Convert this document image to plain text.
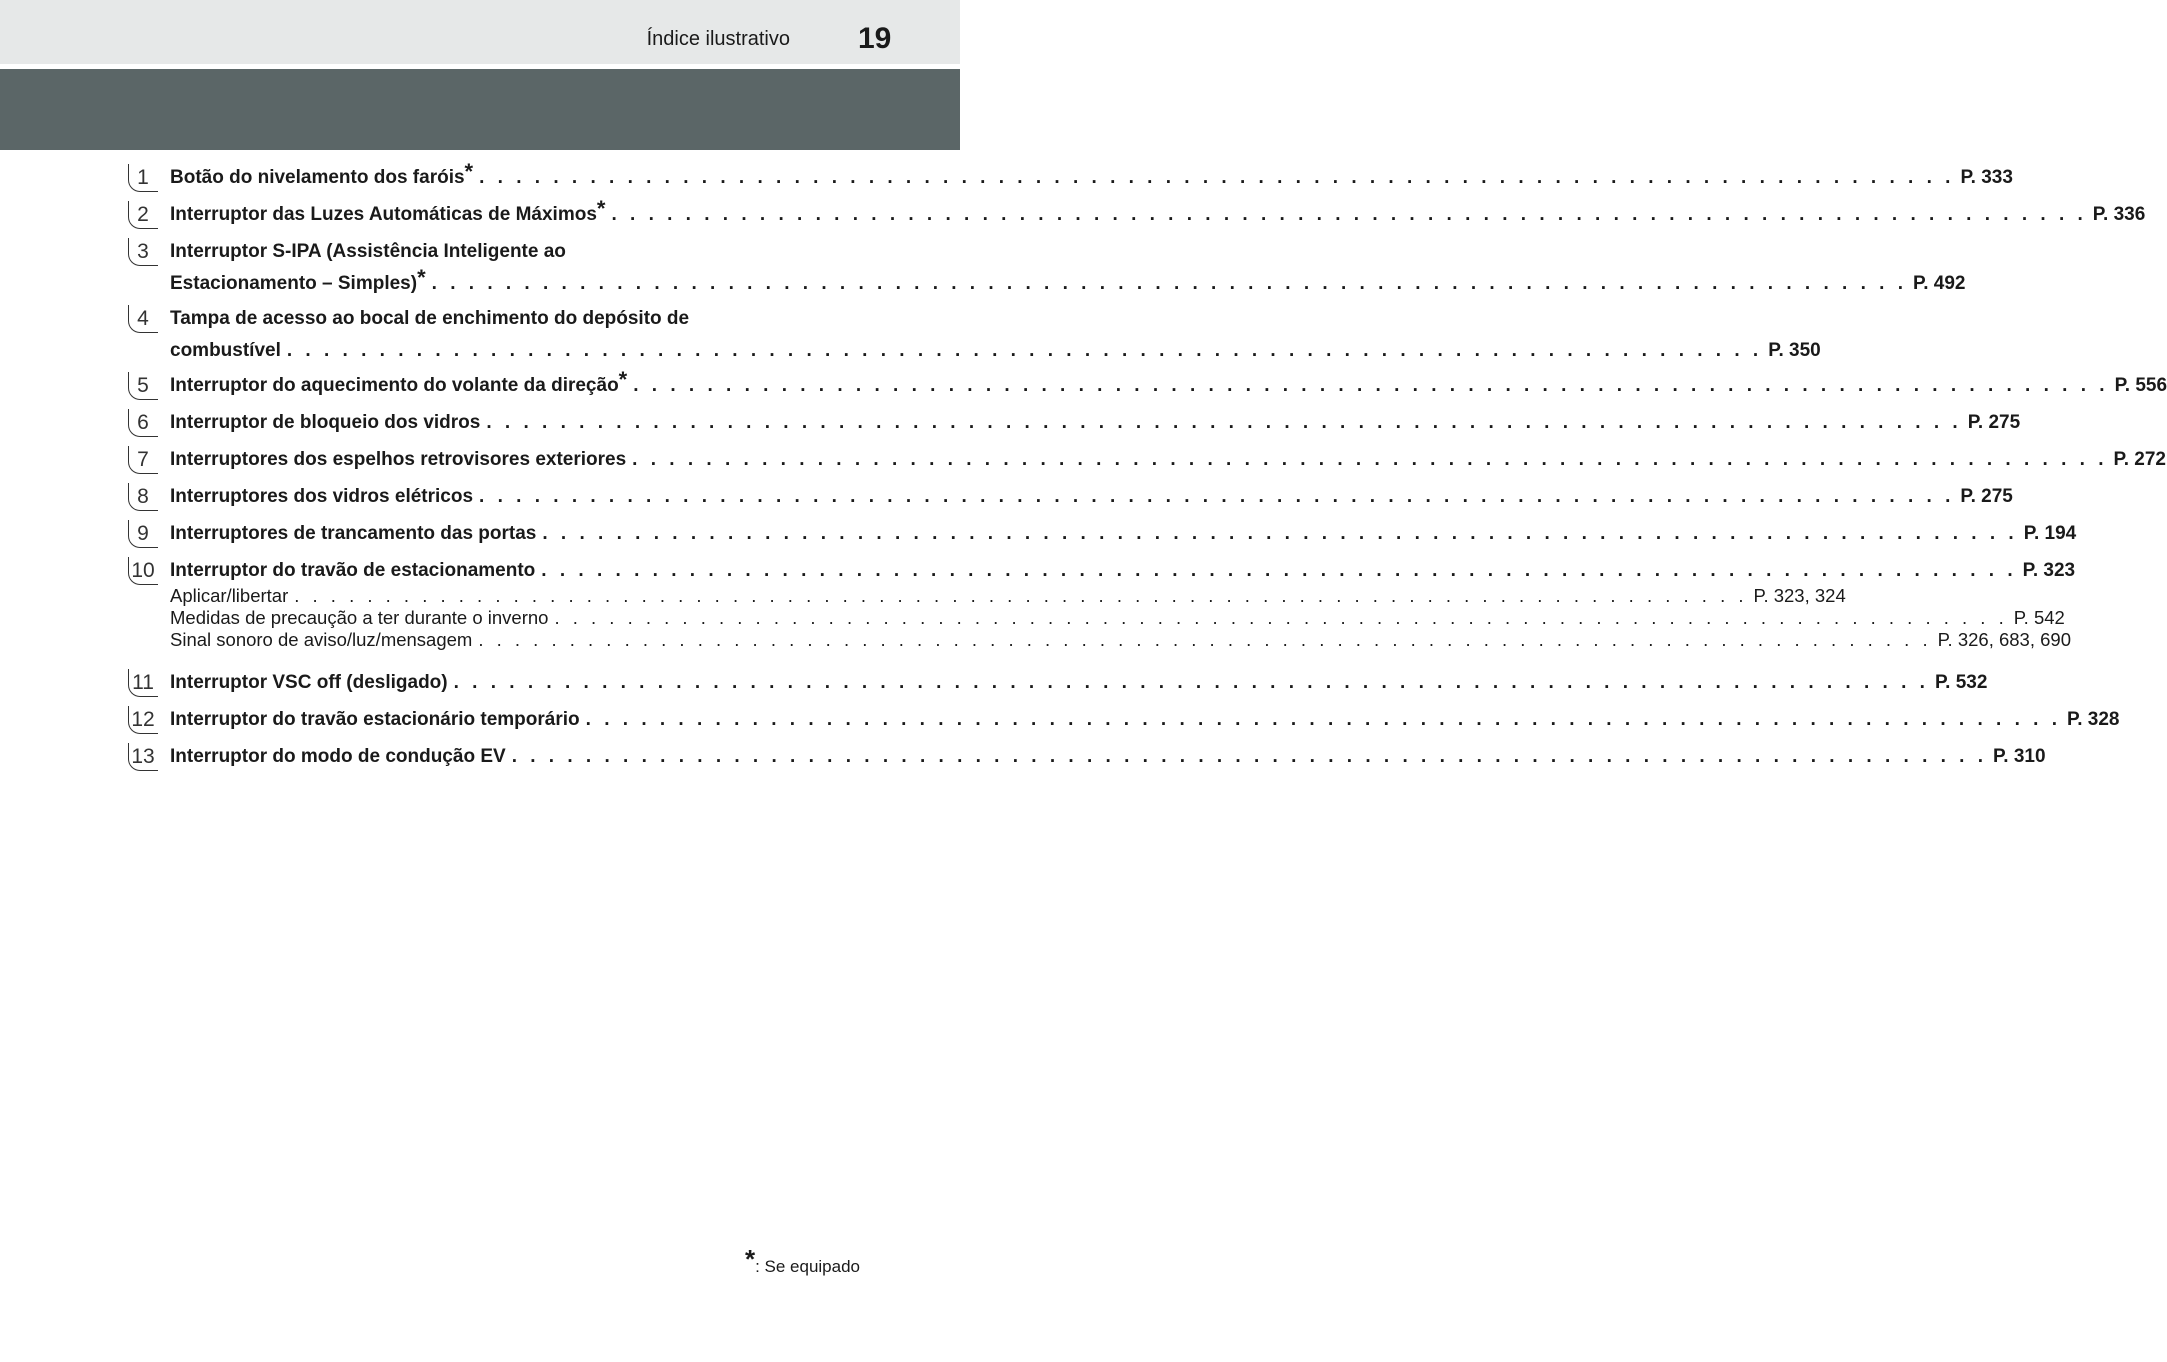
Índice ilustrativo 19
1	Botão do nivelamento dos faróis * . . . . . . . . . . . . . . . . . . . . . . . . . . . . . . . . . . . . . . . . . . . . . . . . . . . . . . . . . . . . . . . . . . . . . . . . . . . . . . . . P. 333
2	Interruptor das Luzes Automáticas de Máximos * . . . . . . . . . . . . . . . . . . . . . . . . . . . . . . . . . . . . . . . . . . . . . . . . . . . . . . . . . . . . . . . . . . . . . . . . . . . . . . . . P. 336
3	Interruptor S-IPA (Assistência Inteligente ao
Estacionamento – Simples) * . . . . . . . . . . . . . . . . . . . . . . . . . . . . . . . . . . . . . . . . . . . . . . . . . . . . . . . . . . . . . . . . . . . . . . . . . . . . . . . . P. 492
4	Tampa de acesso ao bocal de enchimento do depósito de
combustível . . . . . . . . . . . . . . . . . . . . . . . . . . . . . . . . . . . . . . . . . . . . . . . . . . . . . . . . . . . . . . . . . . . . . . . . . . . . . . . . P. 350
5	Interruptor do aquecimento do volante da direção * . . . . . . . . . . . . . . . . . . . . . . . . . . . . . . . . . . . . . . . . . . . . . . . . . . . . . . . . . . . . . . . . . . . . . . . . . . . . . . . . P. 556
6	Interruptor de bloqueio dos vidros . . . . . . . . . . . . . . . . . . . . . . . . . . . . . . . . . . . . . . . . . . . . . . . . . . . . . . . . . . . . . . . . . . . . . . . . . . . . . . . . P. 275
7	Interruptores dos espelhos retrovisores exteriores . . . . . . . . . . . . . . . . . . . . . . . . . . . . . . . . . . . . . . . . . . . . . . . . . . . . . . . . . . . . . . . . . . . . . . . . . . . . . . . . P. 272
8	Interruptores dos vidros elétricos . . . . . . . . . . . . . . . . . . . . . . . . . . . . . . . . . . . . . . . . . . . . . . . . . . . . . . . . . . . . . . . . . . . . . . . . . . . . . . . . P. 275
9	Interruptores de trancamento das portas . . . . . . . . . . . . . . . . . . . . . . . . . . . . . . . . . . . . . . . . . . . . . . . . . . . . . . . . . . . . . . . . . . . . . . . . . . . . . . . . P. 194
10 Interruptor do travão de estacionamento . . . . . . . . . . . . . . . . . . . . . . . . . . . . . . . . . . . . . . . . . . . . . . . . . . . . . . . . . . . . . . . . . . . . . . . . . . . . . . . . P. 323
Aplicar/libertar . . . . . . . . . . . . . . . . . . . . . . . . . . . . . . . . . . . . . . . . . . . . . . . . . . . . . . . . . . . . . . . . . . . . . . . . . . . . . . . . P. 323, 324
Medidas de precaução a ter durante o inverno . . . . . . . . . . . . . . . . . . . . . . . . . . . . . . . . . . . . . . . . . . . . . . . . . . . . . . . . . . . . . . . . . . . . . . . . . . . . . . . . P. 542
Sinal sonoro de aviso/luz/mensagem . . . . . . . . . . . . . . . . . . . . . . . . . . . . . . . . . . . . . . . . . . . . . . . . . . . . . . . . . . . . . . . . . . . . . . . . . . . . . . . . P. 326, 683, 690
11 Interruptor VSC off (desligado) . . . . . . . . . . . . . . . . . . . . . . . . . . . . . . . . . . . . . . . . . . . . . . . . . . . . . . . . . . . . . . . . . . . . . . . . . . . . . . . . P. 532
12 Interruptor do travão estacionário temporário . . . . . . . . . . . . . . . . . . . . . . . . . . . . . . . . . . . . . . . . . . . . . . . . . . . . . . . . . . . . . . . . . . . . . . . . . . . . . . . . P. 328
13 Interruptor do modo de condução EV . . . . . . . . . . . . . . . . . . . . . . . . . . . . . . . . . . . . . . . . . . . . . . . . . . . . . . . . . . . . . . . . . . . . . . . . . . . . . . . . P. 310
*: Se equipado
